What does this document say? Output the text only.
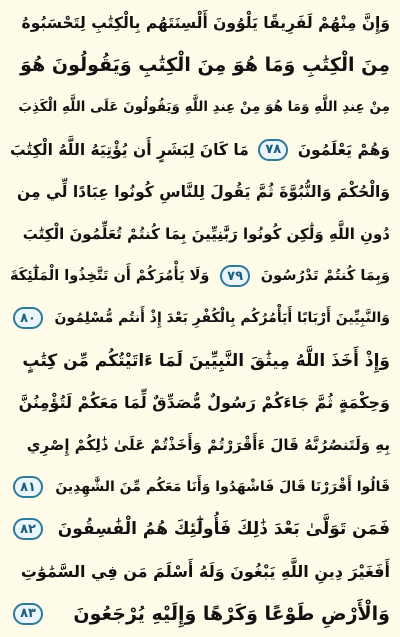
وَإِنَّ مِنْهُمْ لَفَرِيقًا يَلْوُونَ أَلْسِنَتَهُم بِالْكِتَٰبِ لِتَحْسَبُوهُ
مِنَ الْكِتَٰبِ وَمَا هُوَ مِنَ الْكِتَٰبِ وَيَقُولُونَ هُوَ
مِنْ عِندِ اللَّهِ وَمَا هُوَ مِنْ عِندِ اللَّهِ وَيَقُولُونَ عَلَى اللَّهِ الْكَذِبَ
وَهُمْ يَعْلَمُونَ
٧٨
مَا كَانَ لِبَشَرٍ أَن يُؤْتِيَهُ اللَّهُ الْكِتَٰبَ
وَالْحُكْمَ وَالنُّبُوَّةَ ثُمَّ يَقُولَ لِلنَّاسِ كُونُوا عِبَادًا لِّي مِن
دُونِ اللَّهِ وَلَٰكِن كُونُوا رَبَّٰنِيِّينَ بِمَا كُنتُمْ تُعَلِّمُونَ الْكِتَٰبَ
وَبِمَا كُنتُمْ تَدْرُسُونَ
٧٩
وَلَا يَأْمُرَكُمْ أَن تَتَّخِذُوا الْمَلَٰٓئِكَةَ
وَالنَّبِيِّينَ أَرْبَابًا أَيَأْمُرُكُم بِالْكُفْرِ بَعْدَ إِذْ أَنتُم مُّسْلِمُونَ
٨٠
وَإِذْ أَخَذَ اللَّهُ مِيثَٰقَ النَّبِيِّينَ لَمَا ءَاتَيْتُكُم مِّن كِتَٰبٍ
وَحِكْمَةٍ ثُمَّ جَاءَكُمْ رَسُولٌ مُّصَدِّقٌ لِّمَا مَعَكُمْ لَتُؤْمِنُنَّ
بِهِ وَلَتَنصُرُنَّهُ قَالَ ءَأَقْرَرْتُمْ وَأَخَذْتُمْ عَلَىٰ ذَٰلِكُمْ إِصْرِي
قَالُوا أَقْرَرْنَا قَالَ فَاشْهَدُوا وَأَنَا مَعَكُم مِّنَ الشَّٰهِدِينَ
٨١
فَمَن تَوَلَّىٰ بَعْدَ ذَٰلِكَ فَأُولَٰٓئِكَ هُمُ الْفَٰسِقُونَ
٨٢
أَفَغَيْرَ دِينِ اللَّهِ يَبْغُونَ وَلَهُ أَسْلَمَ مَن فِي السَّمَٰوَٰتِ
وَالْأَرْضِ طَوْعًا وَكَرْهًا وَإِلَيْهِ يُرْجَعُونَ
٨٣
